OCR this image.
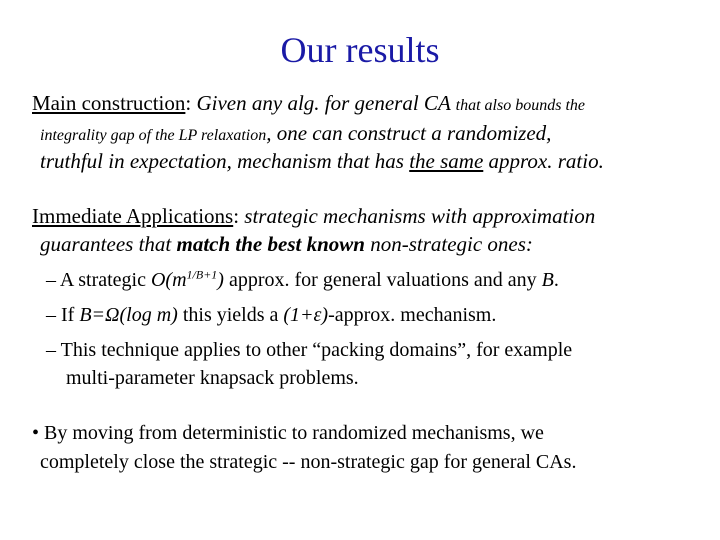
Our results
Main construction: Given any alg. for general CA that also bounds the
integrality gap of the LP relaxation, one can construct a randomized,
truthful in expectation, mechanism that has the same approx. ratio.
Immediate Applications: strategic mechanisms with approximation
guarantees that match the best known non-strategic ones:
– A strategic $O(m^{1/B+1})$ approx. for general valuations and any B.
– If B=Ω(log m) this yields a (1+ε)-approx. mechanism.
– This technique applies to other “packing domains”, for example
multi-parameter knapsack problems.
• By moving from deterministic to randomized mechanisms, we
completely close the strategic -- non-strategic gap for general CAs.
